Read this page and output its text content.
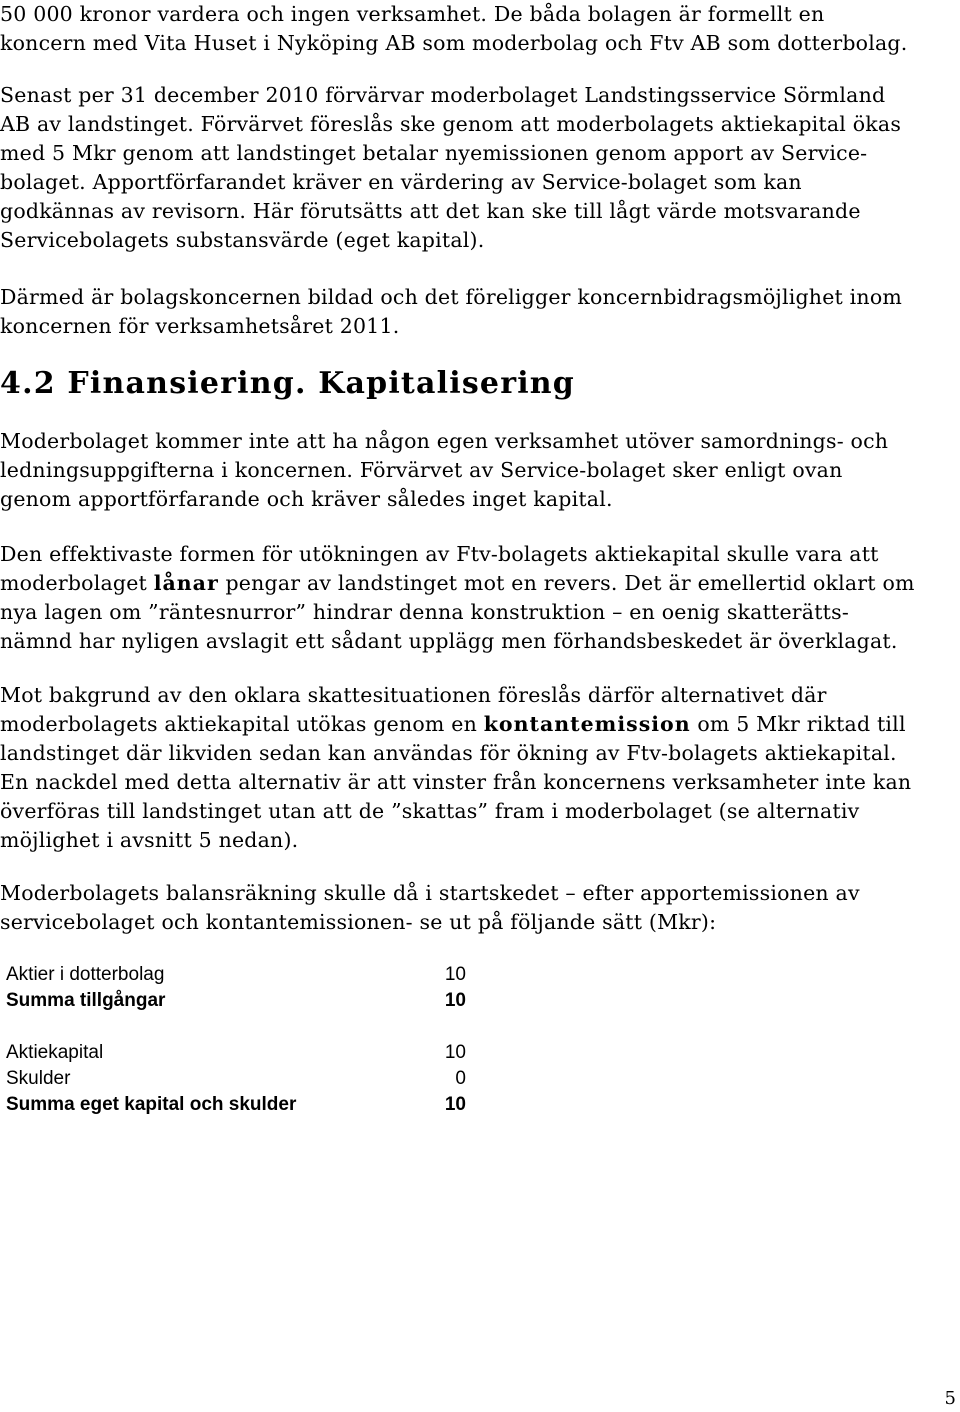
50 000 kronor vardera och ingen verksamhet. De båda bolagen är formellt en
koncern med Vita Huset i Nyköping AB som moderbolag och Ftv AB som dotterbolag.
Senast per 31 december 2010 förvärvar moderbolaget Landstingsservice Sörmland
AB av landstinget. Förvärvet föreslås ske genom att moderbolagets aktiekapital ökas
med 5 Mkr genom att landstinget betalar nyemissionen genom apport av Service-
bolaget. Apportförfarandet kräver en värdering av Service-bolaget som kan
godkännas av revisorn. Här förutsätts att det kan ske till lågt värde motsvarande
Servicebolagets substansvärde (eget kapital).
Därmed är bolagskoncernen bildad och det föreligger koncernbidragsmöjlighet inom
koncernen för verksamhetsåret 2011.
4.2 Finansiering. Kapitalisering
Moderbolaget kommer inte att ha någon egen verksamhet utöver samordnings- och
ledningsuppgifterna i koncernen. Förvärvet av Service-bolaget sker enligt ovan
genom apportförfarande och kräver således inget kapital.
Den effektivaste formen för utökningen av Ftv-bolagets aktiekapital skulle vara att
moderbolaget lånar pengar av landstinget mot en revers. Det är emellertid oklart om
nya lagen om ”räntesnurror” hindrar denna konstruktion – en oenig skatterätts-
nämnd har nyligen avslagit ett sådant upplägg men förhandsbeskedet är överklagat.
Mot bakgrund av den oklara skattesituationen föreslås därför alternativet där
moderbolagets aktiekapital utökas genom en kontantemission om 5 Mkr riktad till
landstinget där likviden sedan kan användas för ökning av Ftv-bolagets aktiekapital.
En nackdel med detta alternativ är att vinster från koncernens verksamheter inte kan
överföras till landstinget utan att de ”skattas” fram i moderbolaget (se alternativ
möjlighet i avsnitt 5 nedan).
Moderbolagets balansräkning skulle då i startskedet – efter apportemissionen av
servicebolaget och kontantemissionen- se ut på följande sätt (Mkr):
Aktier i dotterbolag	10
Summa tillgångar	10
Aktiekapital	10
Skulder	0
Summa eget kapital och skulder	10
5
